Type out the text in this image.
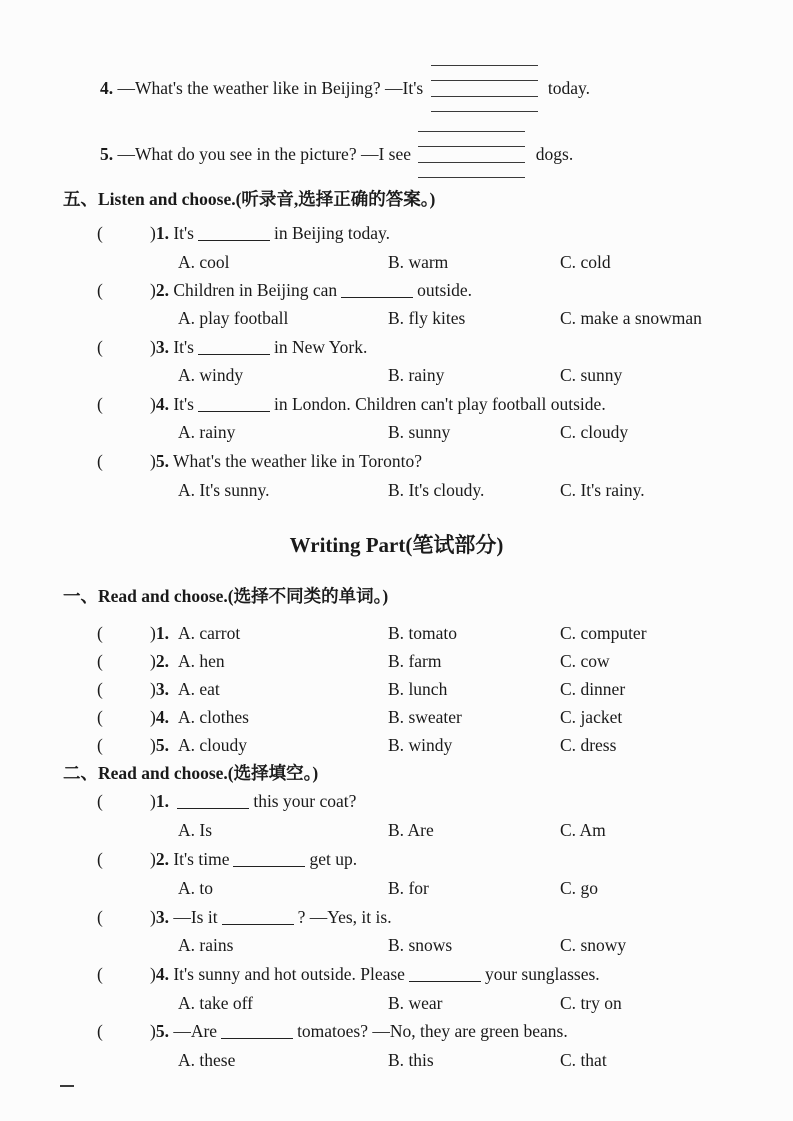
4. —What's the weather like in Beijing? —It's	today.
5. —What do you see in the picture? —I see	dogs.
五、Listen and choose.(听录音,选择正确的答案。)
(	)1. It's	in Beijing today.
A. cool	B. warm	C. cold
(	)2. Children in Beijing can	outside.
A. play football	B. fly kites	C. make a snowman
(	)3. It's	in New York.
A. windy	B. rainy	C. sunny
(	)4. It's	in London. Children can't play football outside.
A. rainy	B. sunny	C. cloudy
(	)5. What's the weather like in Toronto?
A. It's sunny.	B. It's cloudy.	C. It's rainy.
Writing Part(笔试部分)
一、Read and choose.(选择不同类的单词。)
(	)1. A. carrot	B. tomato	C. computer
(	)2. A. hen	B. farm	C. cow
(	)3. A. eat	B. lunch	C. dinner
(	)4. A. clothes	B. sweater	C. jacket
(	)5. A. cloudy	B. windy	C. dress
二、Read and choose.(选择填空。)
(	)1.	this your coat?
A. Is	B. Are	C. Am
(	)2. It's time	get up.
A. to	B. for	C. go
(	)3. —Is it	? —Yes, it is.
A. rains	B. snows	C. snowy
(	)4. It's sunny and hot outside. Please	your sunglasses.
A. take off	B. wear	C. try on
(	)5. —Are	tomatoes? —No, they are green beans.
A. these	B. this	C. that
